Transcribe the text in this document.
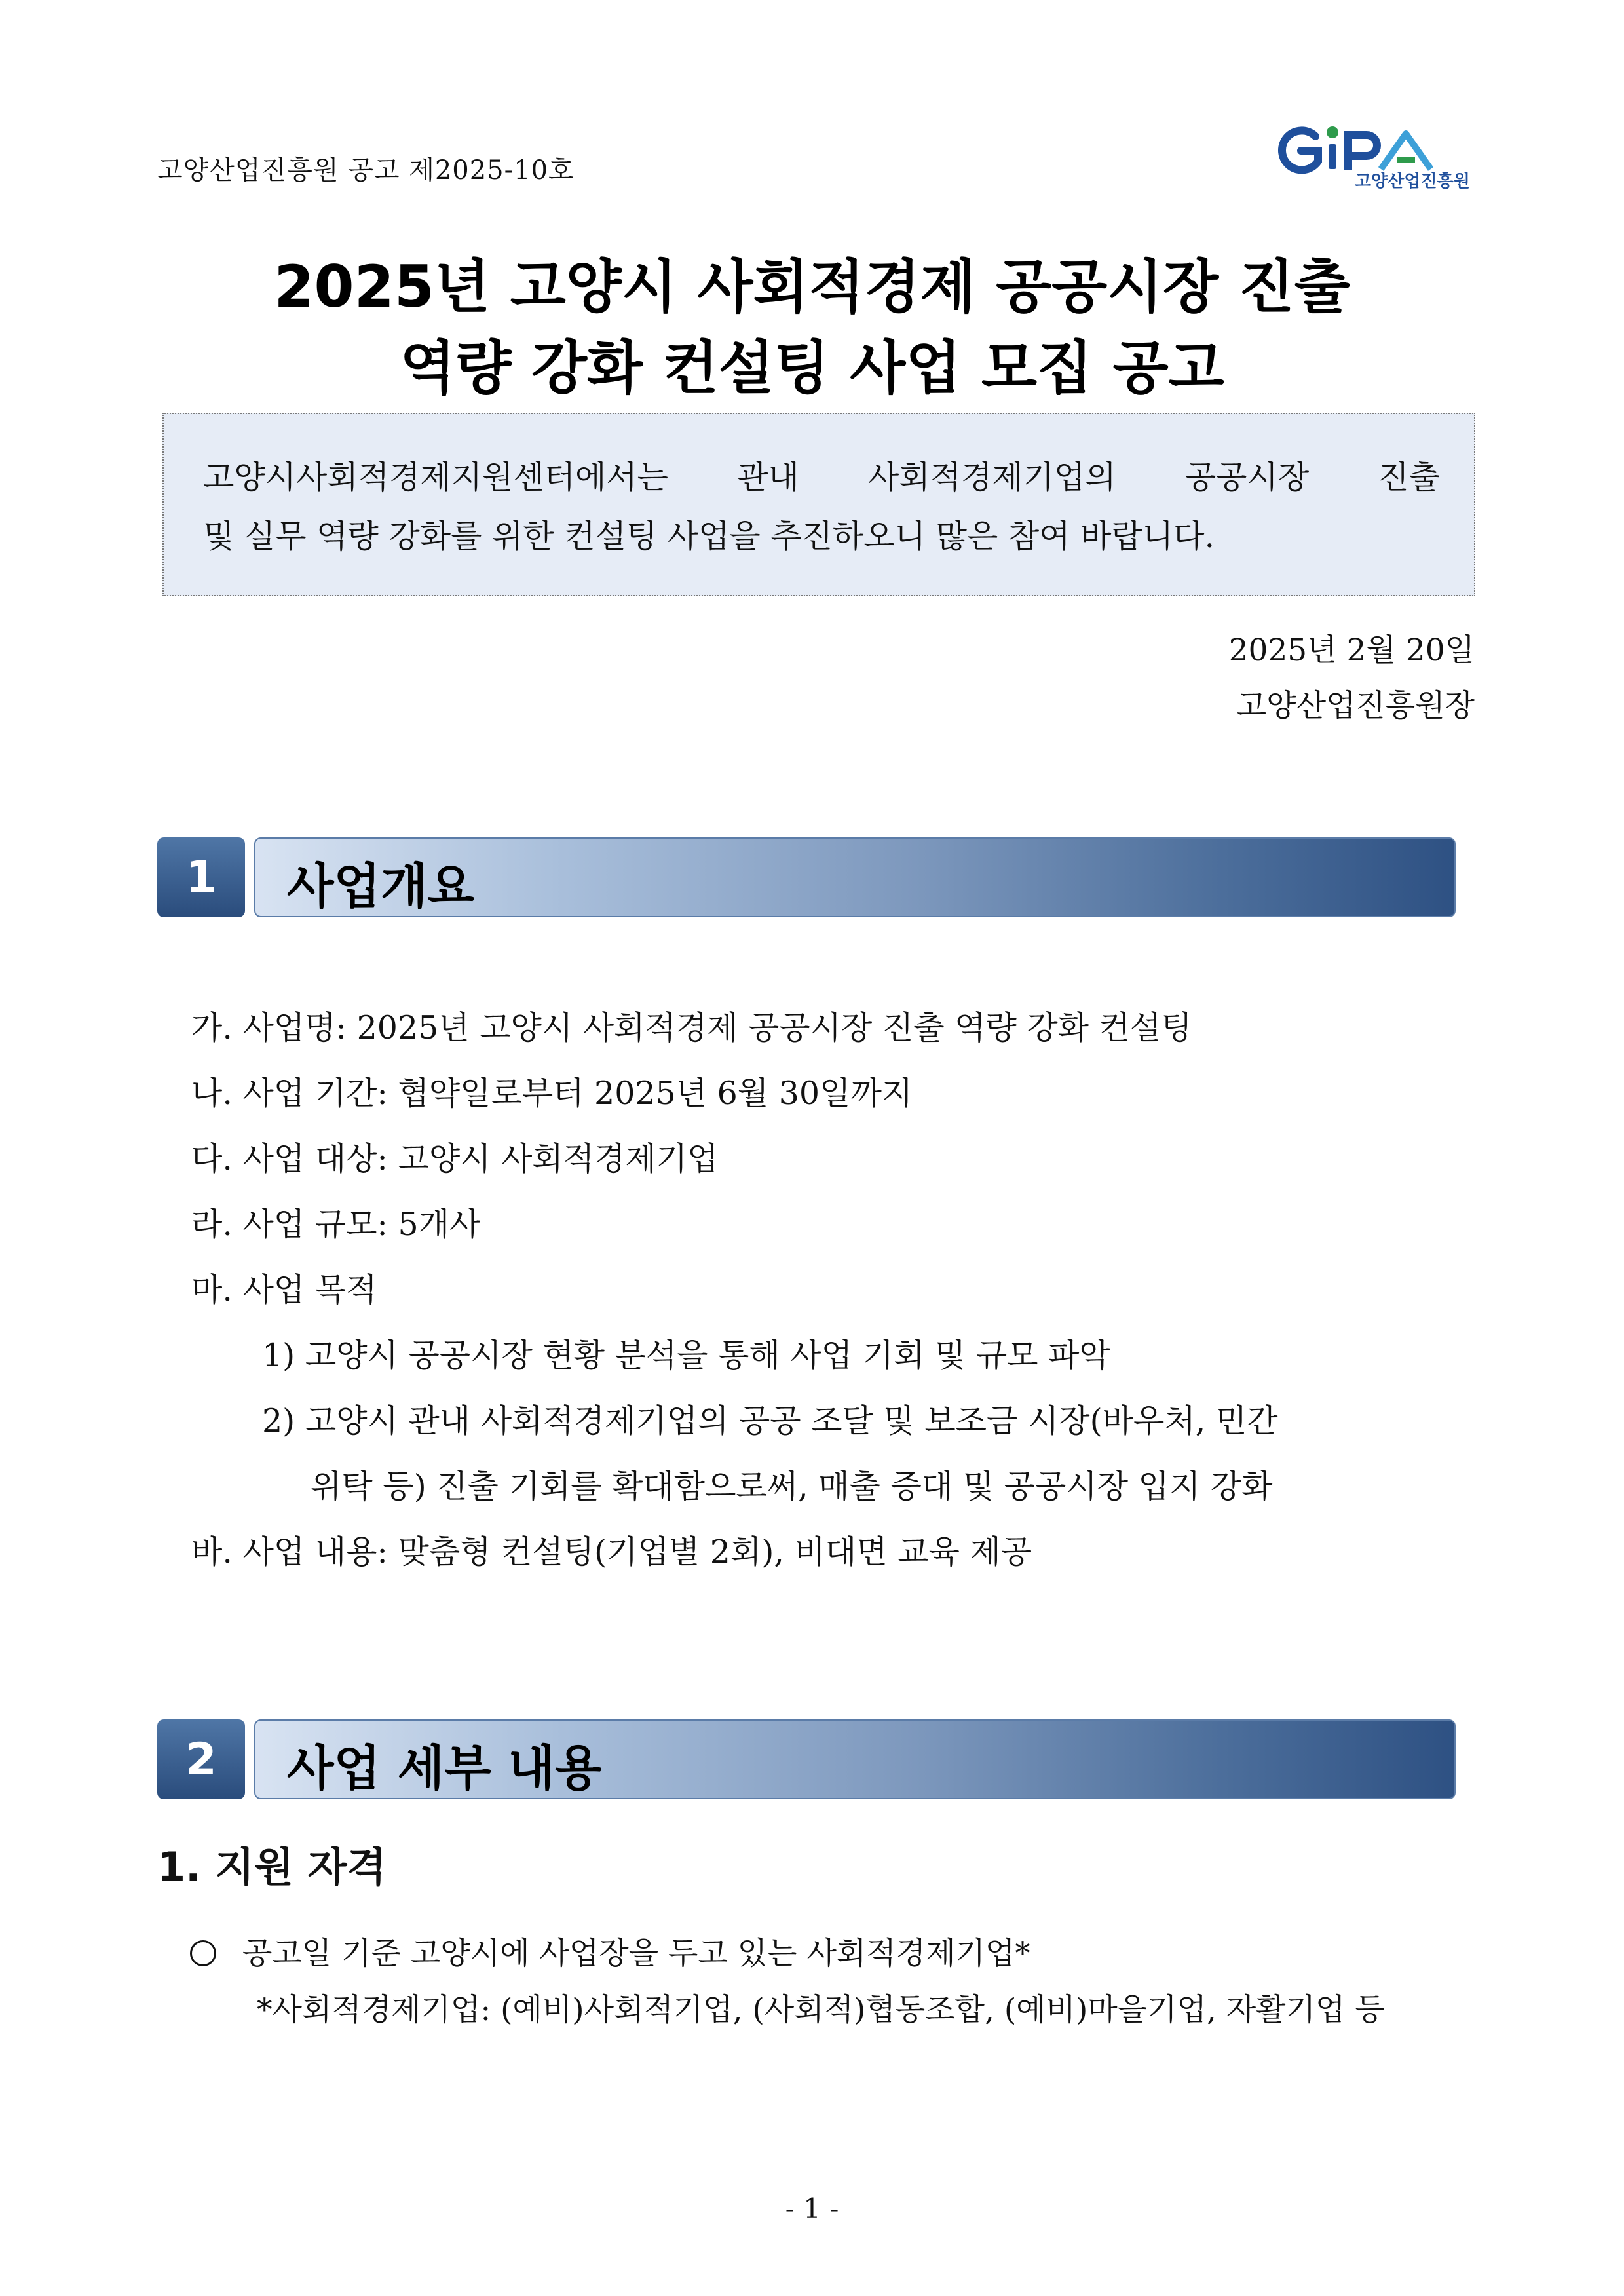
고양산업진흥원 공고 제2025-10호	고양산업진흥원
2025년 고양시 사회적경제 공공시장 진출
역량 강화 컨설팅 사업 모집 공고
고양시사회적경제지원센터에서는 관내 사회적경제기업의 공공시장 진출
및 실무 역량 강화를 위한 컨설팅 사업을 추진하오니 많은 참여 바랍니다.
2025년 2월 20일
고양산업진흥원장
1	사업개요
가. 사업명: 2025년 고양시 사회적경제 공공시장 진출 역량 강화 컨설팅
나. 사업 기간: 협약일로부터 2025년 6월 30일까지
다. 사업 대상: 고양시 사회적경제기업
라. 사업 규모: 5개사
마. 사업 목적
1) 고양시 공공시장 현황 분석을 통해 사업 기회 및 규모 파악
2) 고양시 관내 사회적경제기업의 공공 조달 및 보조금 시장(바우처, 민간
위탁 등) 진출 기회를 확대함으로써, 매출 증대 및 공공시장 입지 강화
바. 사업 내용: 맞춤형 컨설팅(기업별 2회), 비대면 교육 제공
2	사업 세부 내용
1. 지원 자격
공고일 기준 고양시에 사업장을 두고 있는 사회적경제기업*
*사회적경제기업: (예비)사회적기업, (사회적)협동조합, (예비)마을기업, 자활기업 등
- 1 -
